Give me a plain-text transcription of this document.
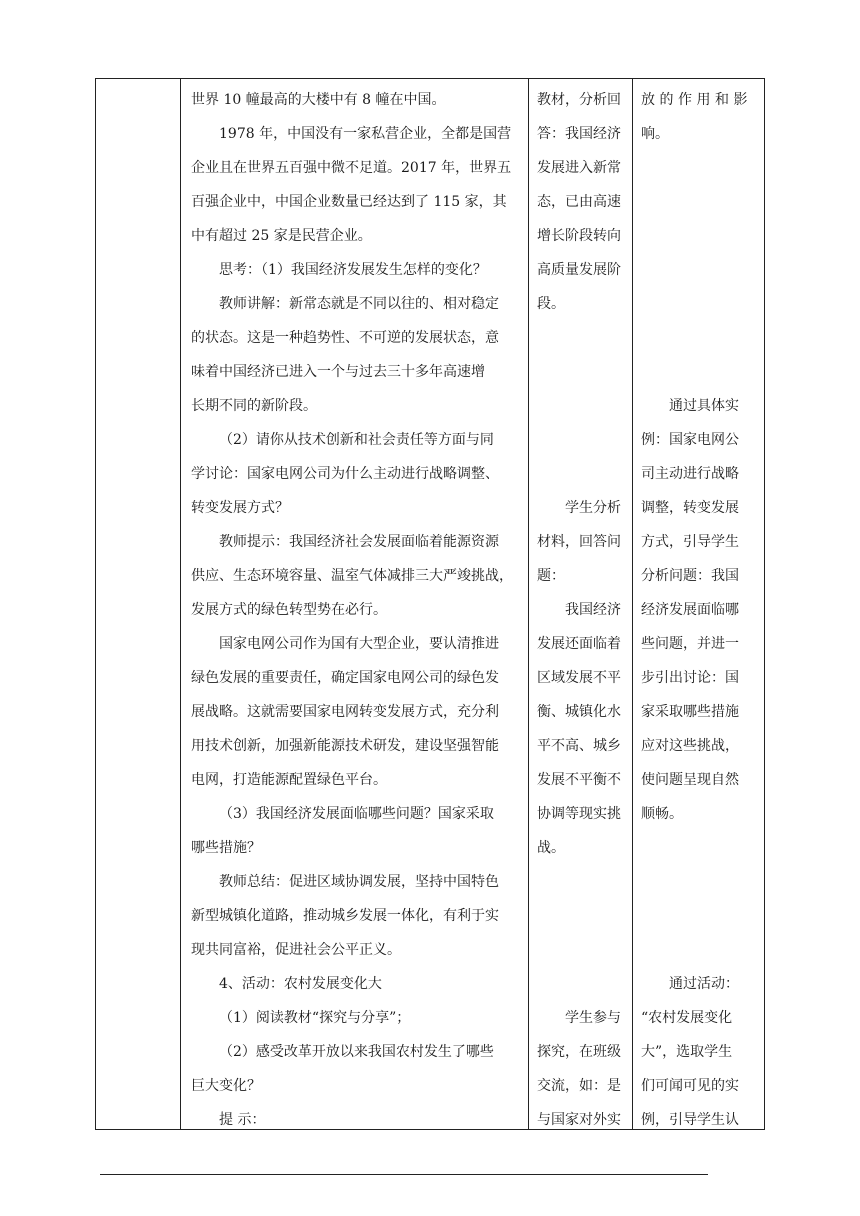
世界 10 幢最高的大楼中有 8 幢在中国。
1978 年，中国没有一家私营企业，全都是国营
企业且在世界五百强中微不足道。2017 年，世界五
百强企业中，中国企业数量已经达到了 115 家，其
中有超过 25 家是民营企业。
思考：（1）我国经济发展发生怎样的变化？
教师讲解：新常态就是不同以往的、相对稳定
的状态。这是一种趋势性、不可逆的发展状态，意
味着中国经济已进入一个与过去三十多年高速增
长期不同的新阶段。
（2）请你从技术创新和社会责任等方面与同
学讨论：国家电网公司为什么主动进行战略调整、
转变发展方式？
教师提示：我国经济社会发展面临着能源资源
供应、生态环境容量、温室气体减排三大严竣挑战，
发展方式的绿色转型势在必行。
国家电网公司作为国有大型企业，要认清推进
绿色发展的重要责任，确定国家电网公司的绿色发
展战略。这就需要国家电网转变发展方式，充分利
用技术创新，加强新能源技术研发，建设坚强智能
电网，打造能源配置绿色平台。
（3）我国经济发展面临哪些问题？国家采取
哪些措施？
教师总结：促进区域协调发展，坚持中国特色
新型城镇化道路，推动城乡发展一体化，有利于实
现共同富裕，促进社会公平正义。
4、活动：农村发展变化大
（1）阅读教材“探究与分享”；
（2）感受改革开放以来我国农村发生了哪些
巨大变化？
提 示：
教材，分析回
答：我国经济
发展进入新常
态，已由高速
增长阶段转向
高质量发展阶
段。
学生分析
材料，回答问
题：
我国经济
发展还面临着
区域发展不平
衡、城镇化水
平不高、城乡
发展不平衡不
协调等现实挑
战。
学生参与
探究，在班级
交流，如：是
与国家对外实
放的作用和影
响。
通过具体实
例：国家电网公
司主动进行战略
调整，转变发展
方式，引导学生
分析问题：我国
经济发展面临哪
些问题，并进一
步引出讨论：国
家采取哪些措施
应对这些挑战，
使问题呈现自然
顺畅。
通过活动：
“农村发展变化
大”，选取学生
们可闻可见的实
例，引导学生认
